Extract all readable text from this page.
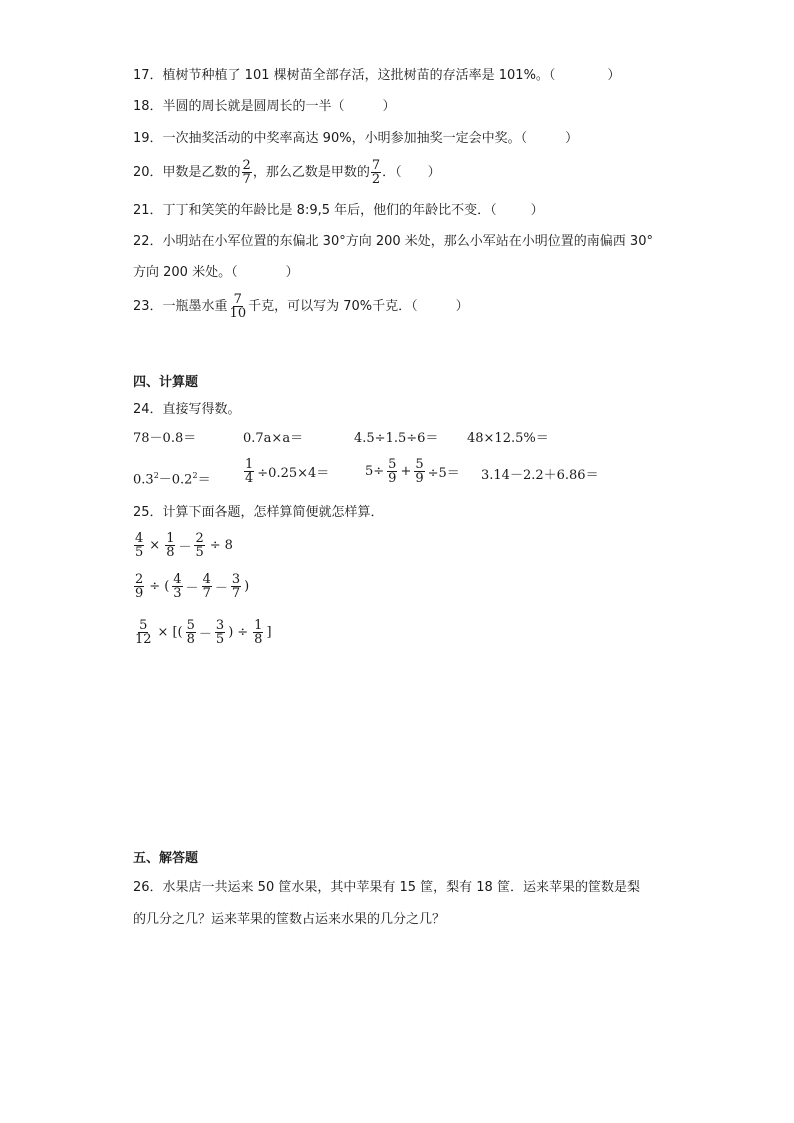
17．植树节种植了 101 棵树苗全部存活，这批树苗的存活率是 101%。（	）
18．半圆的周长就是圆周长的一半（	）
19．一次抽奖活动的中奖率高达 90%，小明参加抽奖一定会中奖。（	）
20．甲数是乙数的 $\frac{2}{7}$ ，那么乙数是甲数的 $\frac{7}{2}$ ．（ ）
21．丁丁和笑笑的年龄比是 8:9,5 年后，他们的年龄比不变．（	）
22．小明站在小军位置的东偏北 30°方向 200 米处，那么小军站在小明位置的南偏西 30°
方向 200 米处。（	）
23．一瓶墨水重 $\frac{7}{10}$ 千克，可以写为 70%千克．（	）
四、计算题
24．直接写得数。
78－0.8＝	0.7a×a＝	4.5÷1.5÷6＝ 48×12.5%＝
$0.3^2-0.2^2=$	$\frac{1}{4} \div 0.25\times 4=$	$5\div \frac{5}{9} + \frac{5}{9} \div 5= 3.14-2.2+6.86=$
25．计算下面各题，怎样算简便就怎样算．
$\frac{4}{5} \times \frac{1}{8} - \frac{2}{5} \div 8$
$\frac{2}{9}$ ÷ ( $\frac{4}{3} - \frac{4}{7} - \frac{3}{7}$ )
$\frac{5}{12}$ × [( $\frac{5}{8} - \frac{3}{5}$ ) ÷ $\frac{1}{8}$ ]
五、解答题
26．水果店一共运来 50 筐水果，其中苹果有 15 筐，梨有 18 筐．运来苹果的筐数是梨
的几分之几？运来苹果的筐数占运来水果的几分之几？
